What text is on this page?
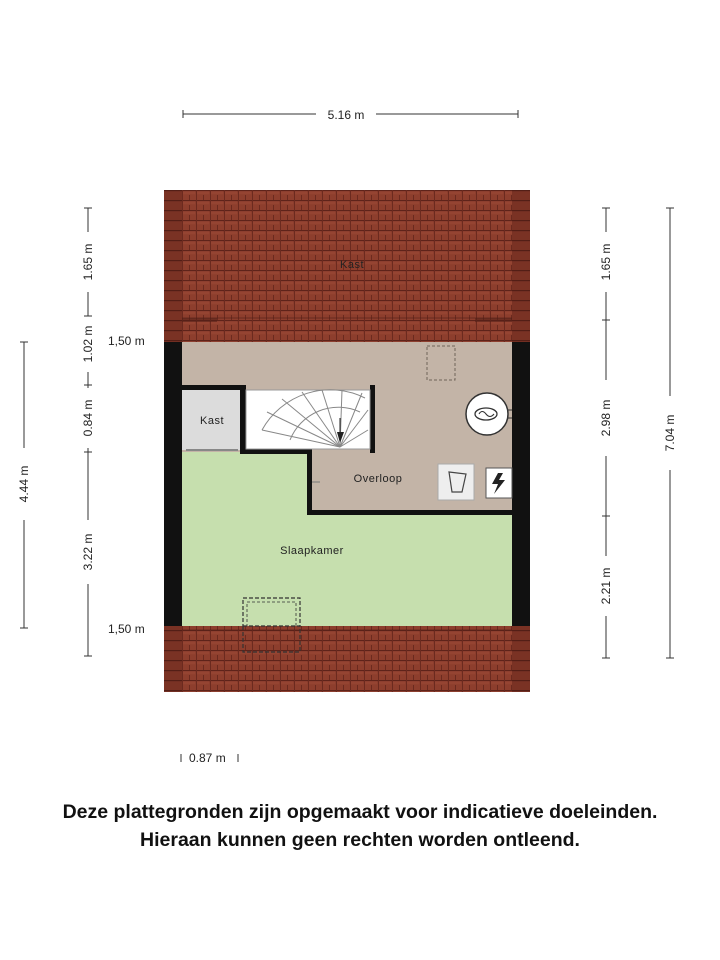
5.16 m
Kast
Kast
Overloop
Slaapkamer
1,50 m
1,50 m
4.44 m
1.65 m
1.02 m
0.84 m
3.22 m
1.65 m
2.98 m
2.21 m
7.04 m
0.87 m
Deze plattegronden zijn opgemaakt voor indicatieve doeleinden.
Hieraan kunnen geen rechten worden ontleend.
